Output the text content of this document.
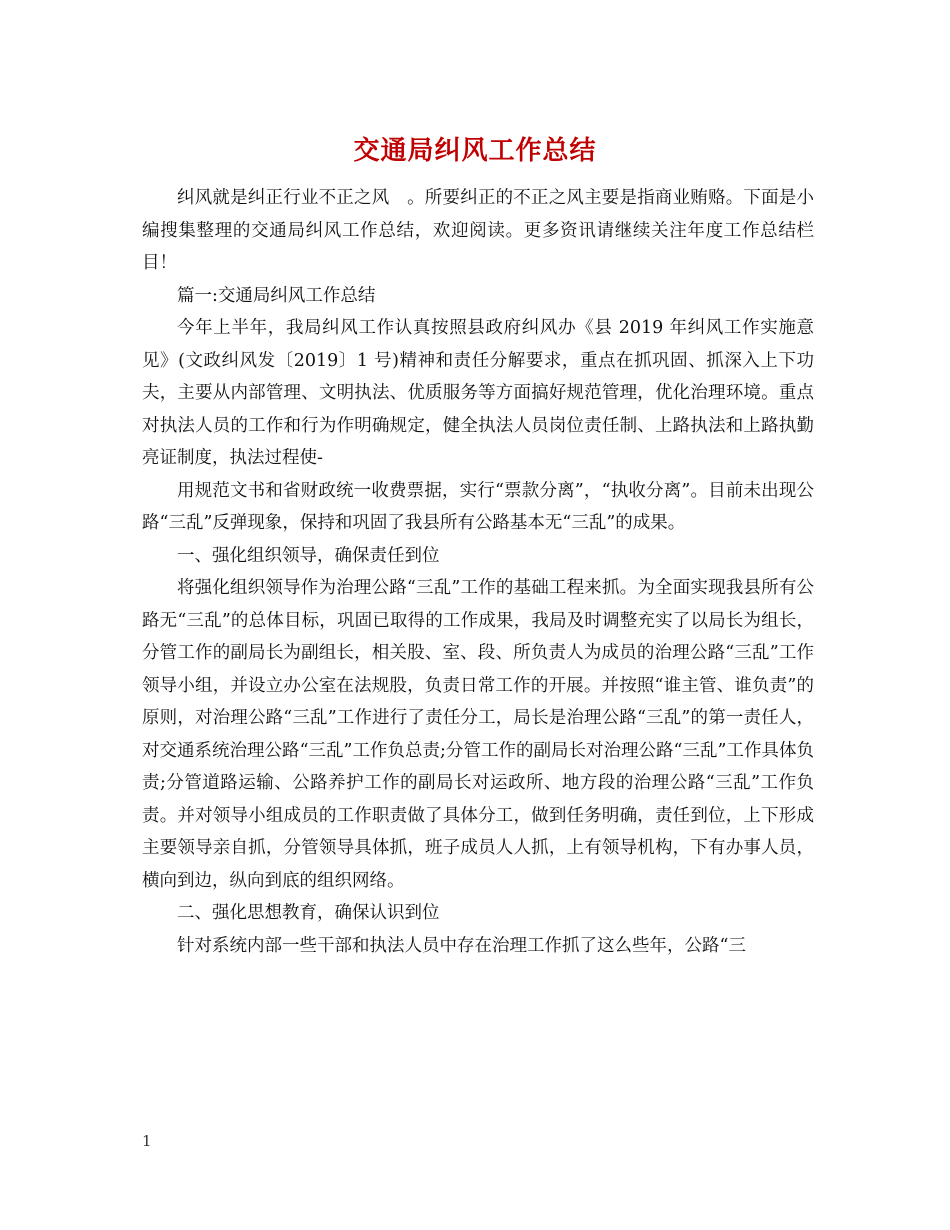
交通局纠风工作总结

纠风就是纠正行业不正之风　。所要纠正的不正之风主要是指商业贿赂。下面是小编搜集整理的交通局纠风工作总结，欢迎阅读。更多资讯请继续关注年度工作总结栏目！

篇一:交通局纠风工作总结

今年上半年，我局纠风工作认真按照县政府纠风办《县 2019 年纠风工作实施意见》(文政纠风发〔2019〕1 号)精神和责任分解要求，重点在抓巩固、抓深入上下功夫，主要从内部管理、文明执法、优质服务等方面搞好规范管理，优化治理环境。重点对执法人员的工作和行为作明确规定，健全执法人员岗位责任制、上路执法和上路执勤亮证制度，执法过程使-

用规范文书和省财政统一收费票据，实行“票款分离”，“执收分离”。目前未出现公路“三乱”反弹现象，保持和巩固了我县所有公路基本无“三乱”的成果。

一、强化组织领导，确保责任到位

将强化组织领导作为治理公路“三乱”工作的基础工程来抓。为全面实现我县所有公路无“三乱”的总体目标，巩固已取得的工作成果，我局及时调整充实了以局长为组长，分管工作的副局长为副组长，相关股、室、段、所负责人为成员的治理公路“三乱”工作领导小组，并设立办公室在法规股，负责日常工作的开展。并按照“谁主管、谁负责”的原则，对治理公路“三乱”工作进行了责任分工，局长是治理公路“三乱”的第一责任人，对交通系统治理公路“三乱”工作负总责;分管工作的副局长对治理公路“三乱”工作具体负责;分管道路运输、公路养护工作的副局长对运政所、地方段的治理公路“三乱”工作负责。并对领导小组成员的工作职责做了具体分工，做到任务明确，责任到位，上下形成主要领导亲自抓，分管领导具体抓，班子成员人人抓，上有领导机构，下有办事人员，横向到边，纵向到底的组织网络。

二、强化思想教育，确保认识到位

针对系统内部一些干部和执法人员中存在治理工作抓了这么些年，公路“三

1
